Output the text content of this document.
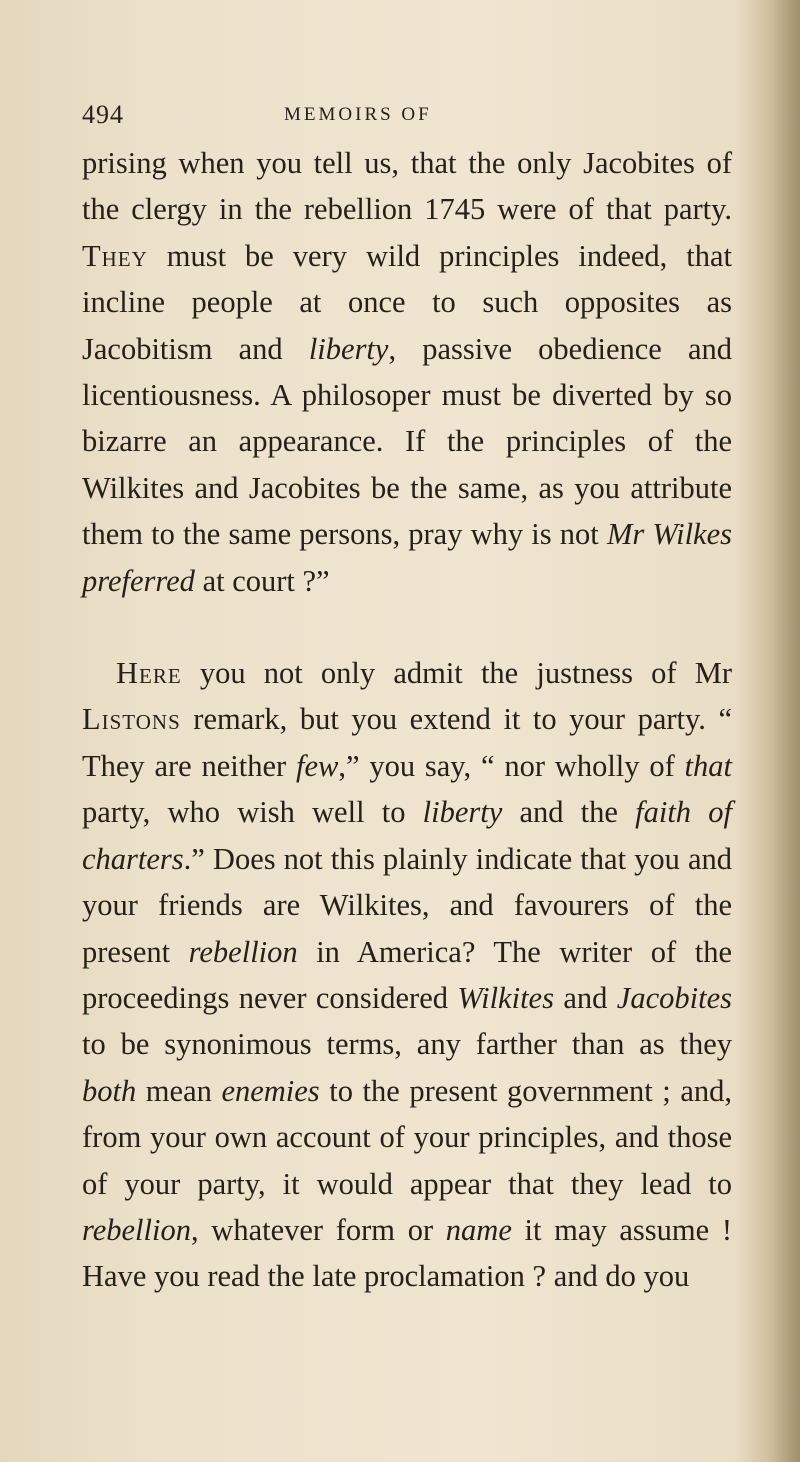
494	MEMOIRS OF

prising when you tell us, that the only Jacobites of the clergy in the rebellion 1745 were of that party. They must be very wild principles indeed, that incline people at once to such opposites as Jacobitism and liberty, passive obedience and licentiousness. A philosoper must be diverted by so bizarre an appearance. If the principles of the Wilkites and Jacobites be the same, as you attribute them to the same persons, pray why is not Mr Wilkes preferred at court ?”

Here you not only admit the justness of Mr Listons remark, but you extend it to your party. “ They are neither few,” you say, “ nor wholly of that party, who wish well to liberty and the faith of charters.” Does not this plainly indicate that you and your friends are Wilkites, and favourers of the present rebellion in America? The writer of the proceedings never considered Wilkites and Jacobites to be synonimous terms, any farther than as they both mean enemies to the present government ; and, from your own account of your principles, and those of your party, it would appear that they lead to rebellion, whatever form or name it may assume ! Have you read the late proclamation ? and do you
